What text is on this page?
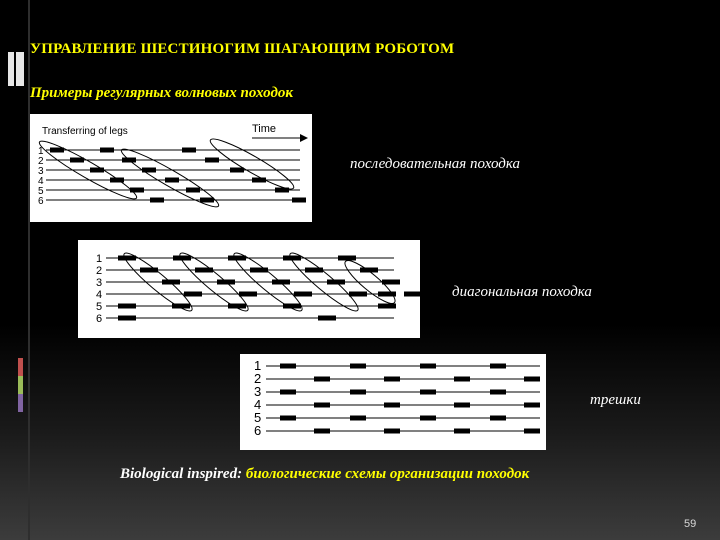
УПРАВЛЕНИЕ ШЕСТИНОГИМ ШАГАЮЩИМ РОБОТОМ
Примеры регулярных волновых походок
Transferring of legs	Time
1
2
3
4
5
6
последовательная походка
1
2
3
4
5
6
диагональная походка
1
2
3
4
5
6
трешки
Biological inspired: биологические схемы организации походок
59
